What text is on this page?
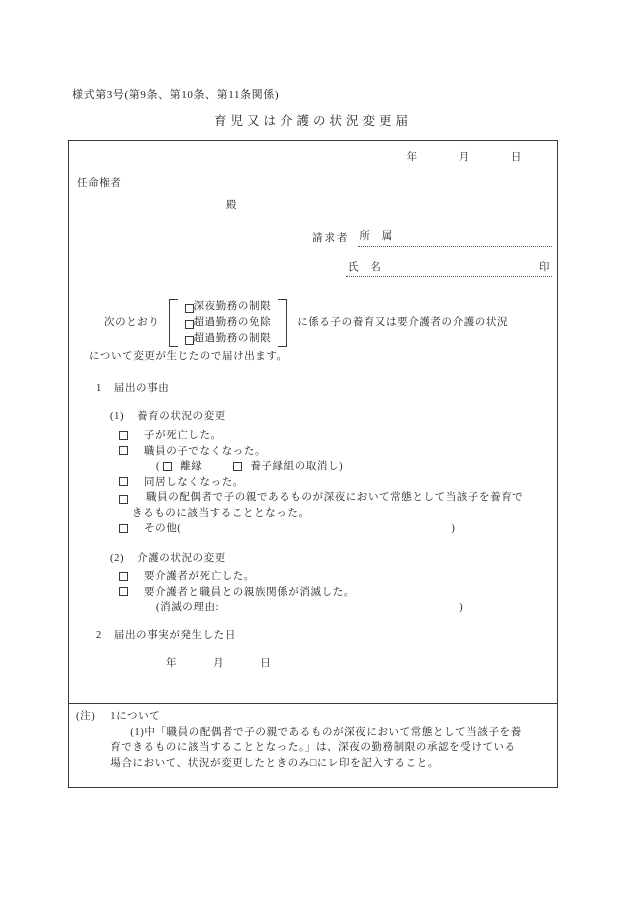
様式第3号(第9条、第10条、第11条関係)
育児又は介護の状況変更届
年	月	日
任命権者
殿
請求者 所　属
氏　名	印
次のとおり
深夜勤務の制限
超過勤務の免除
超過勤務の制限
に係る子の養育又は要介護者の介護の状況
について変更が生じたので届け出ます。
1 届出の事由
(1) 養育の状況の変更
子が死亡した。
職員の子でなくなった。
( 離縁	養子縁組の取消し)
同居しなくなった。
職員の配偶者で子の親であるものが深夜において常態として当該子を養育できるものに該当することとなった。
その他(	)
(2) 介護の状況の変更
要介護者が死亡した。
要介護者と職員との親族関係が消滅した。
(消滅の理由:	)
2 届出の事実が発生した日
年	月	日
(注) 1について
(1)中「職員の配偶者で子の親であるものが深夜において常態として当該子を養育できるものに該当することとなった。」は、深夜の勤務制限の承認を受けている場合において、状況が変更したときのみ□にレ印を記入すること。
